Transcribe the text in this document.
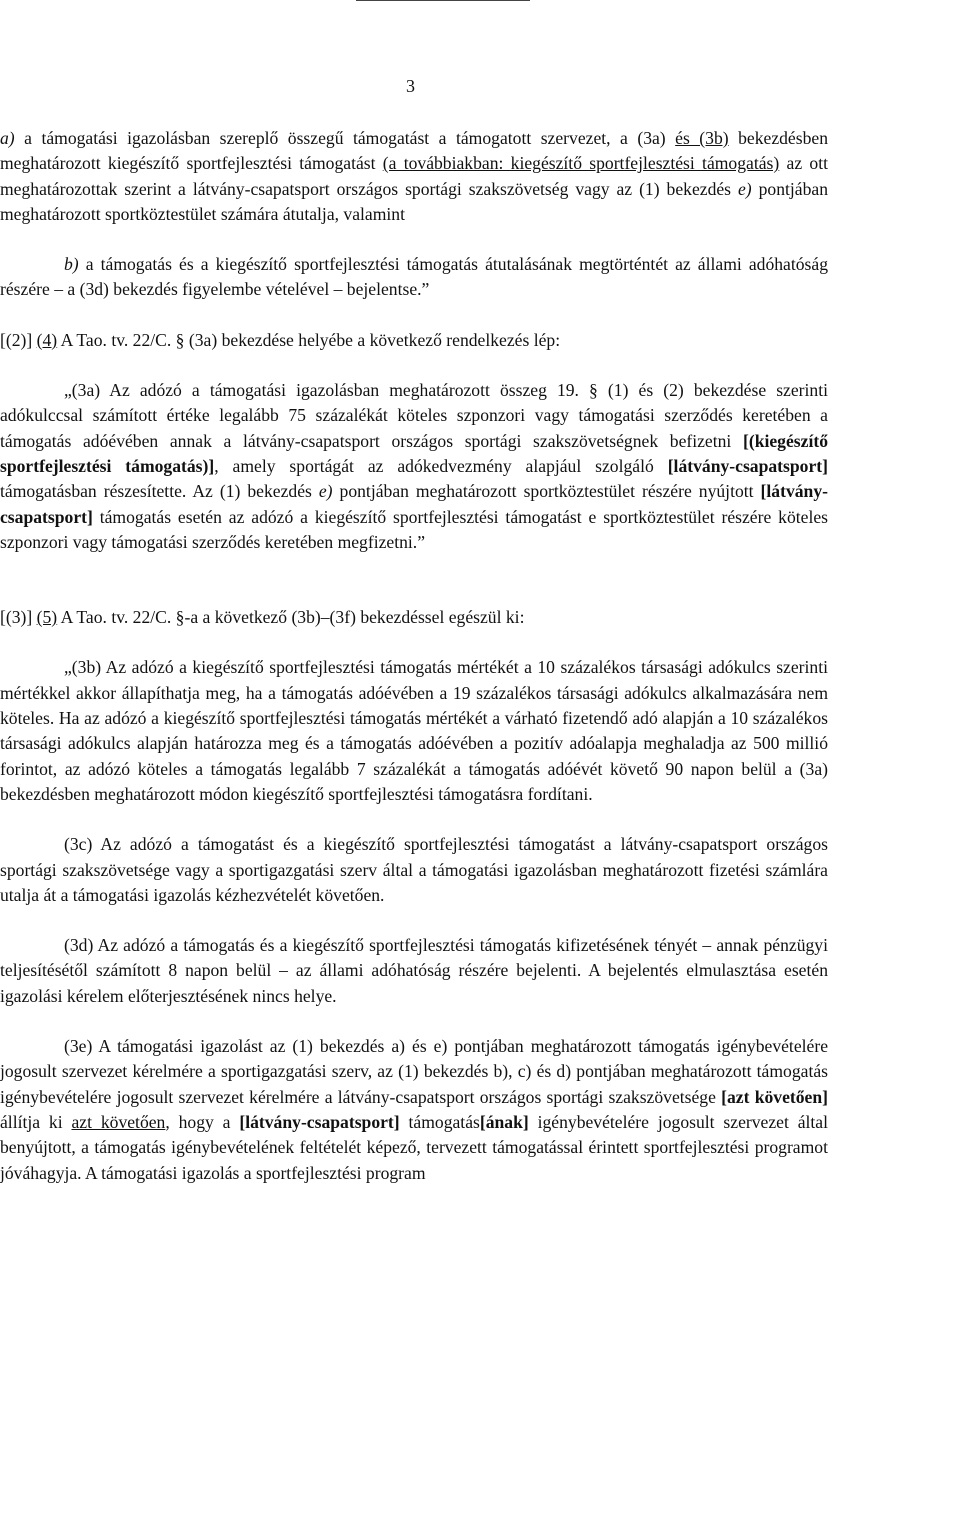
3

a) a támogatási igazolásban szereplő összegű támogatást a támogatott szervezet, a (3a) és (3b) bekezdésben meghatározott kiegészítő sportfejlesztési támogatást (a továbbiakban: kiegészítő sportfejlesztési támogatás) az ott meghatározottak szerint a látvány-csapatsport országos sportági szakszövetség vagy az (1) bekezdés e) pontjában meghatározott sportköztestület számára átutalja, valamint

b) a támogatás és a kiegészítő sportfejlesztési támogatás átutalásának megtörténtét az állami adóhatóság részére – a (3d) bekezdés figyelembe vételével – bejelentse.”

[(2)] (4) A Tao. tv. 22/C. § (3a) bekezdése helyébe a következő rendelkezés lép:

„(3a) Az adózó a támogatási igazolásban meghatározott összeg 19. § (1) és (2) bekezdése szerinti adókulccsal számított értéke legalább 75 százalékát köteles szponzori vagy támogatási szerződés keretében a támogatás adóévében annak a látvány-csapatsport országos sportági szakszövetségnek befizetni [(kiegészítő sportfejlesztési támogatás)], amely sportágát az adókedvezmény alapjául szolgáló [látvány-csapatsport] támogatásban részesítette. Az (1) bekezdés e) pontjában meghatározott sportköztestület részére nyújtott [látvány-csapatsport] támogatás esetén az adózó a kiegészítő sportfejlesztési támogatást e sportköztestület részére köteles szponzori vagy támogatási szerződés keretében megfizetni.”

[(3)] (5) A Tao. tv. 22/C. §-a a következő (3b)–(3f) bekezdéssel egészül ki:

„(3b) Az adózó a kiegészítő sportfejlesztési támogatás mértékét a 10 százalékos társasági adókulcs szerinti mértékkel akkor állapíthatja meg, ha a támogatás adóévében a 19 százalékos társasági adókulcs alkalmazására nem köteles. Ha az adózó a kiegészítő sportfejlesztési támogatás mértékét a várható fizetendő adó alapján a 10 százalékos társasági adókulcs alapján határozza meg és a támogatás adóévében a pozitív adóalapja meghaladja az 500 millió forintot, az adózó köteles a támogatás legalább 7 százalékát a támogatás adóévét követő 90 napon belül a (3a) bekezdésben meghatározott módon kiegészítő sportfejlesztési támogatásra fordítani.

(3c) Az adózó a támogatást és a kiegészítő sportfejlesztési támogatást a látvány-csapatsport országos sportági szakszövetsége vagy a sportigazgatási szerv által a támogatási igazolásban meghatározott fizetési számlára utalja át a támogatási igazolás kézhezvételét követően.

(3d) Az adózó a támogatás és a kiegészítő sportfejlesztési támogatás kifizetésének tényét – annak pénzügyi teljesítésétől számított 8 napon belül – az állami adóhatóság részére bejelenti. A bejelentés elmulasztása esetén igazolási kérelem előterjesztésének nincs helye.

(3e) A támogatási igazolást az (1) bekezdés a) és e) pontjában meghatározott támogatás igénybevételére jogosult szervezet kérelmére a sportigazgatási szerv, az (1) bekezdés b), c) és d) pontjában meghatározott támogatás igénybevételére jogosult szervezet kérelmére a látvány-csapatsport országos sportági szakszövetsége [azt követően] állítja ki azt követően, hogy a [látvány-csapatsport] támogatás[ának] igénybevételére jogosult szervezet által benyújtott, a támogatás igénybevételének feltételét képező, tervezett támogatással érintett sportfejlesztési programot jóváhagyja. A támogatási igazolás a sportfejlesztési program
